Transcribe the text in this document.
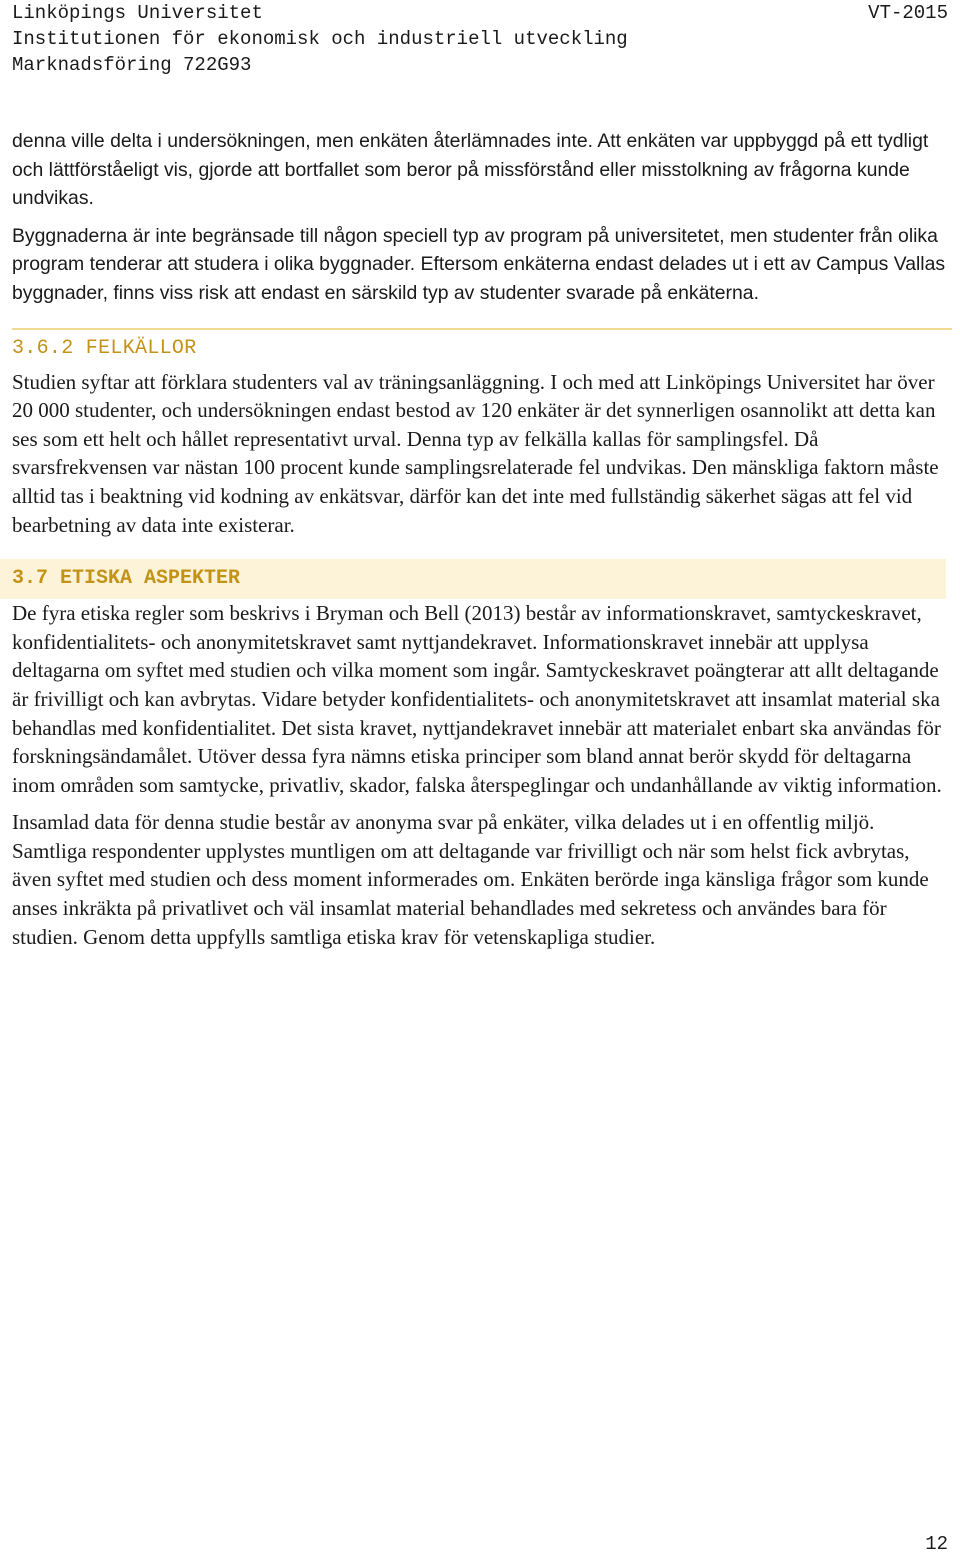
Linköpings Universitet	VT-2015
Institutionen för ekonomisk och industriell utveckling
Marknadsföring 722G93

denna ville delta i undersökningen, men enkäten återlämnades inte. Att enkäten var uppbyggd på ett tydligt och lättförståeligt vis, gjorde att bortfallet som beror på missförstånd eller misstolkning av frågorna kunde undvikas.

Byggnaderna är inte begränsade till någon speciell typ av program på universitetet, men studenter från olika program tenderar att studera i olika byggnader. Eftersom enkäterna endast delades ut i ett av Campus Vallas byggnader, finns viss risk att endast en särskild typ av studenter svarade på enkäterna.

3.6.2 FELKÄLLOR

Studien syftar att förklara studenters val av träningsanläggning. I och med att Linköpings Universitet har över 20 000 studenter, och undersökningen endast bestod av 120 enkäter är det synnerligen osannolikt att detta kan ses som ett helt och hållet representativt urval. Denna typ av felkälla kallas för samplingsfel. Då svarsfrekvensen var nästan 100 procent kunde samplingsrelaterade fel undvikas. Den mänskliga faktorn måste alltid tas i beaktning vid kodning av enkätsvar, därför kan det inte med fullständig säkerhet sägas att fel vid bearbetning av data inte existerar.

3.7 ETISKA ASPEKTER

De fyra etiska regler som beskrivs i Bryman och Bell (2013) består av informationskravet, samtyckeskravet, konfidentialitets- och anonymitetskravet samt nyttjandekravet. Informationskravet innebär att upplysa deltagarna om syftet med studien och vilka moment som ingår. Samtyckeskravet poängterar att allt deltagande är frivilligt och kan avbrytas. Vidare betyder konfidentialitets- och anonymitetskravet att insamlat material ska behandlas med konfidentialitet. Det sista kravet, nyttjandekravet innebär att materialet enbart ska användas för forskningsändamålet. Utöver dessa fyra nämns etiska principer som bland annat berör skydd för deltagarna inom områden som samtycke, privatliv, skador, falska återspeglingar och undanhållande av viktig information.

Insamlad data för denna studie består av anonyma svar på enkäter, vilka delades ut i en offentlig miljö. Samtliga respondenter upplystes muntligen om att deltagande var frivilligt och när som helst fick avbrytas, även syftet med studien och dess moment informerades om. Enkäten berörde inga känsliga frågor som kunde anses inkräkta på privatlivet och väl insamlat material behandlades med sekretess och användes bara för studien. Genom detta uppfylls samtliga etiska krav för vetenskapliga studier.

12
